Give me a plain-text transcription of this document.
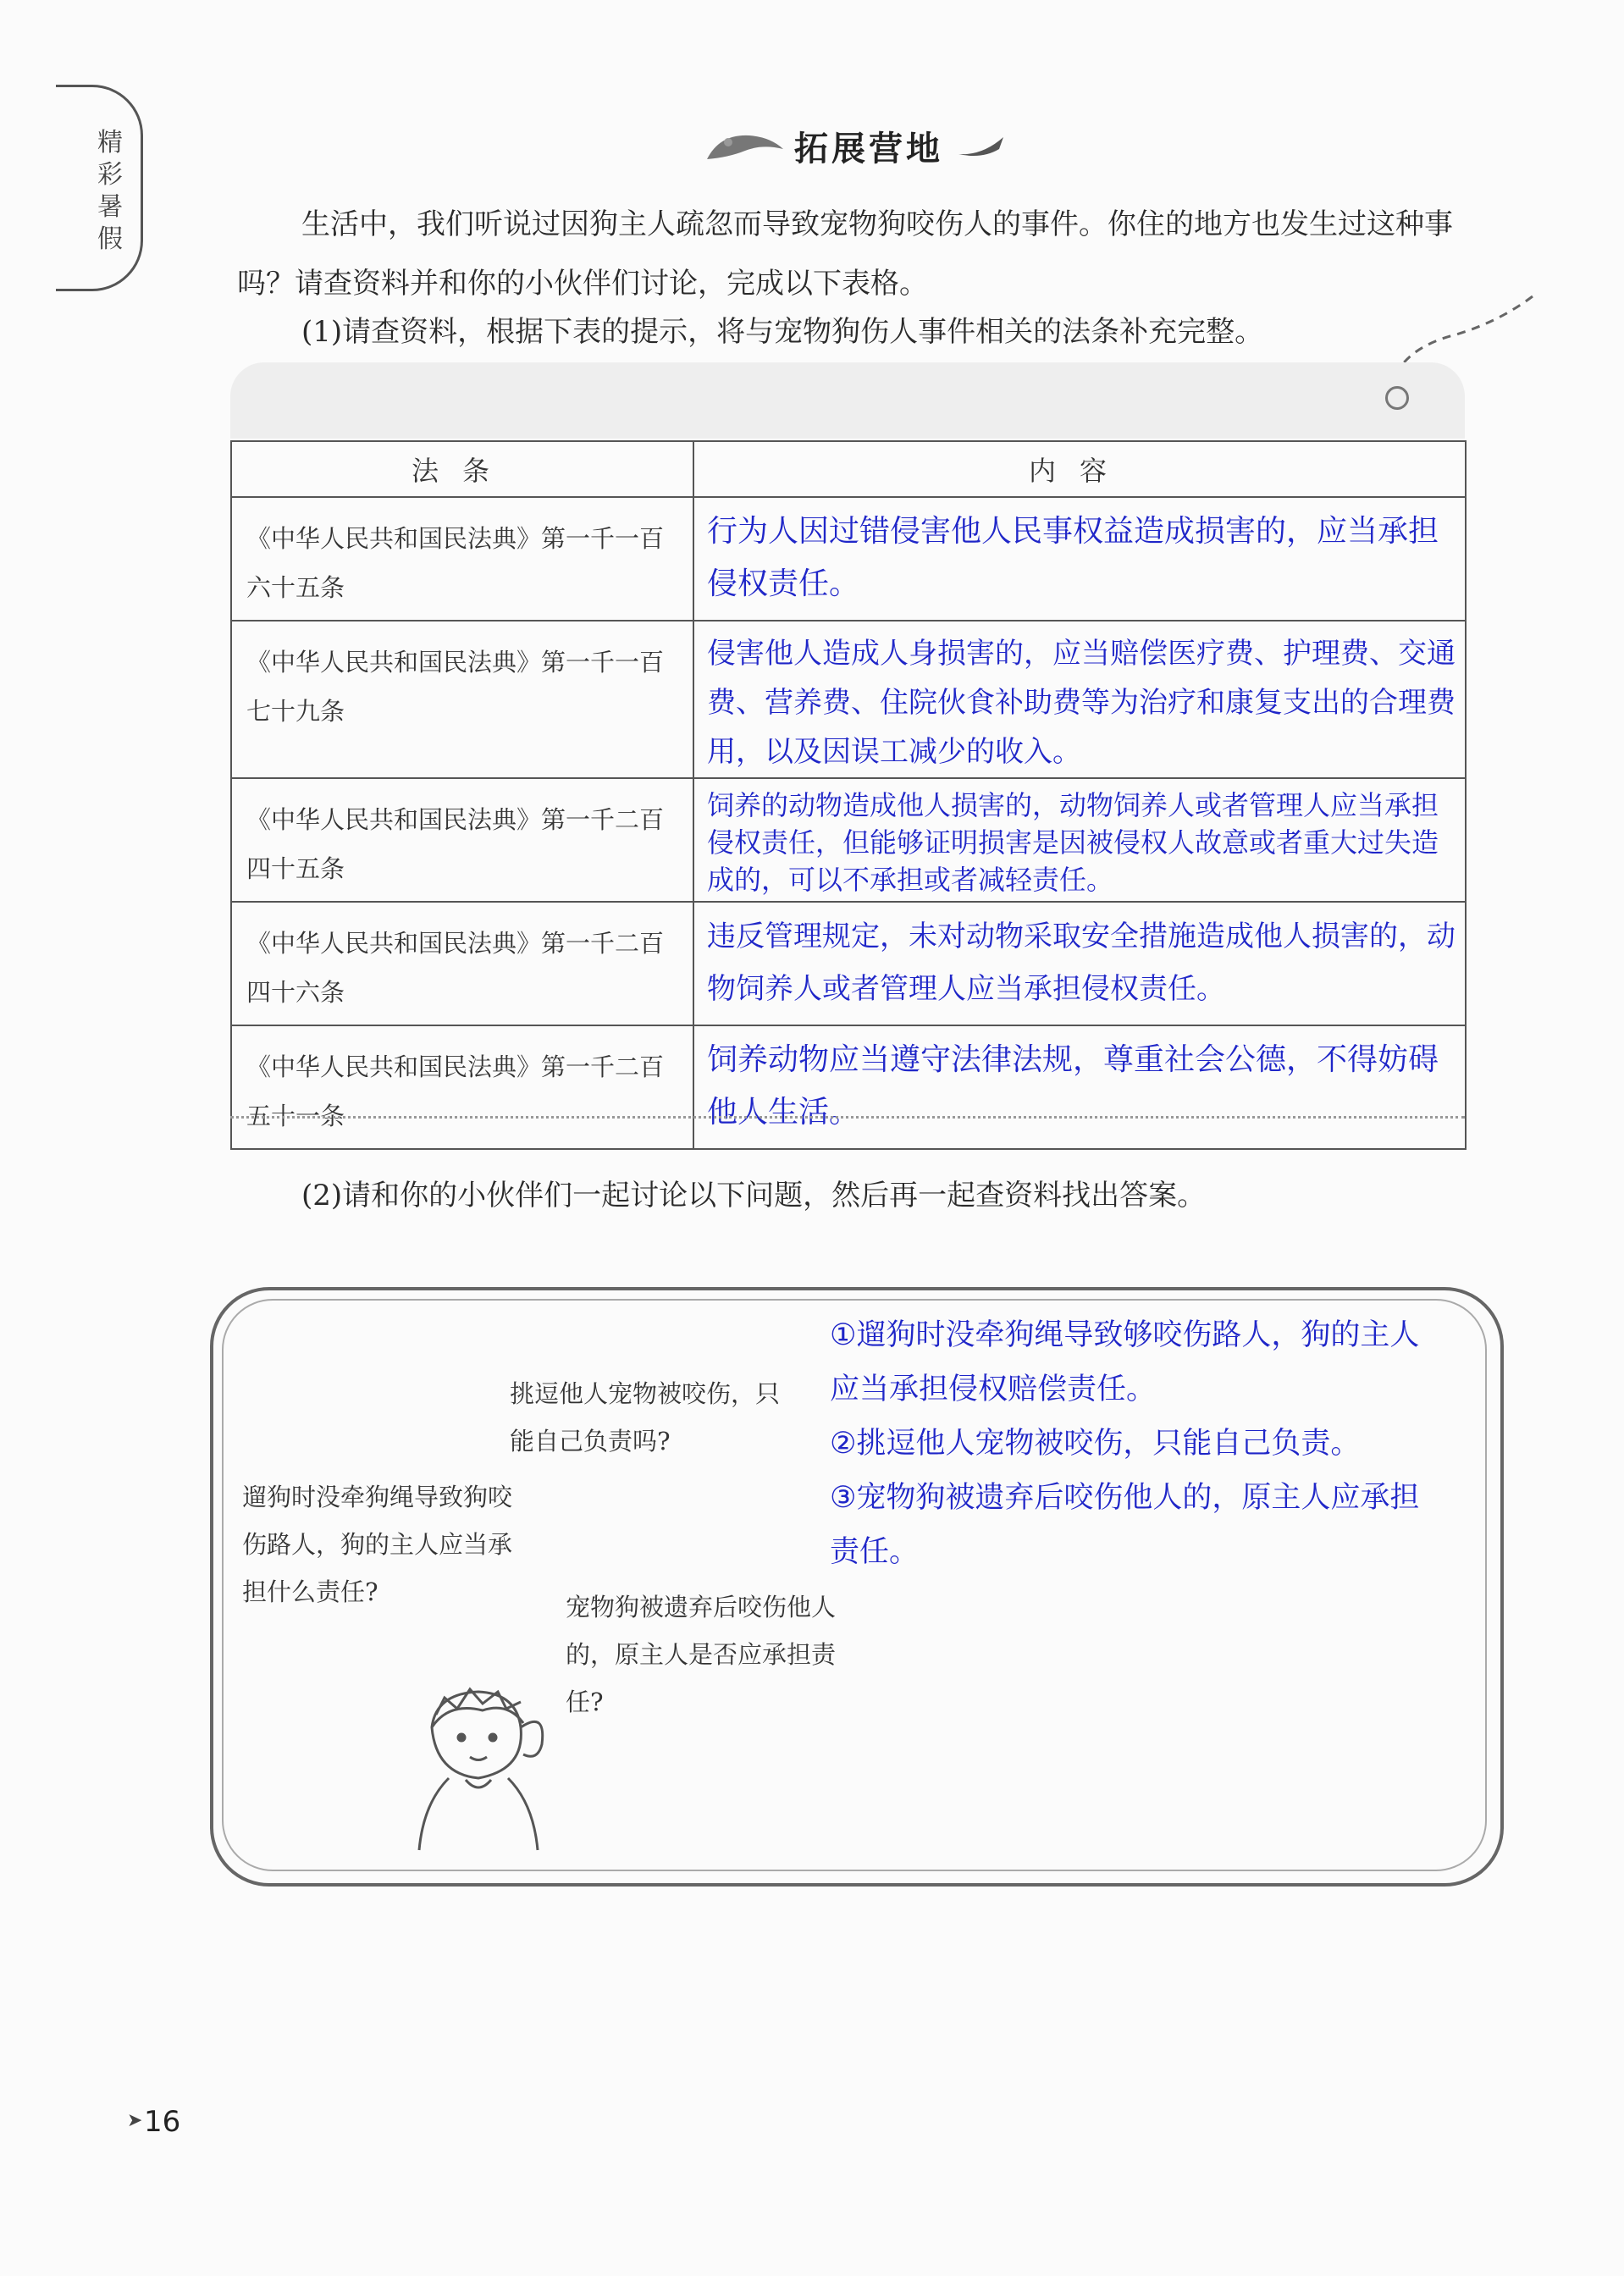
精彩暑假
拓展营地

生活中，我们听说过因狗主人疏忽而导致宠物狗咬伤人的事件。你住的地方也发生过这种事吗？请查资料并和你的小伙伴们讨论，完成以下表格。

(1)请查资料，根据下表的提示，将与宠物狗伤人事件相关的法条补充完整。
法条	内容

《中华人民共和国民法典》第一千一百六十五条	行为人因过错侵害他人民事权益造成损害的，应当承担侵权责任。

《中华人民共和国民法典》第一千一百七十九条	侵害他人造成人身损害的，应当赔偿医疗费、护理费、交通费、营养费、住院伙食补助费等为治疗和康复支出的合理费用，以及因误工减少的收入。

《中华人民共和国民法典》第一千二百四十五条	饲养的动物造成他人损害的，动物饲养人或者管理人应当承担侵权责任，但能够证明损害是因被侵权人故意或者重大过失造成的，可以不承担或者减轻责任。

《中华人民共和国民法典》第一千二百四十六条	违反管理规定，未对动物采取安全措施造成他人损害的，动物饲养人或者管理人应当承担侵权责任。

《中华人民共和国民法典》第一千二百五十一条	饲养动物应当遵守法律法规，尊重社会公德，不得妨碍他人生活。
(2)请和你的小伙伴们一起讨论以下问题，然后再一起查资料找出答案。
挑逗他人宠物被咬伤，只能自己负责吗?
遛狗时没牵狗绳导致狗咬伤路人，狗的主人应当承担什么责任?
宠物狗被遗弃后咬伤他人的，原主人是否应承担责任?
①遛狗时没牵狗绳导致够咬伤路人，狗的主人应当承担侵权赔偿责任。
②挑逗他人宠物被咬伤，只能自己负责。
③宠物狗被遗弃后咬伤他人的，原主人应承担责任。
➤ 16
